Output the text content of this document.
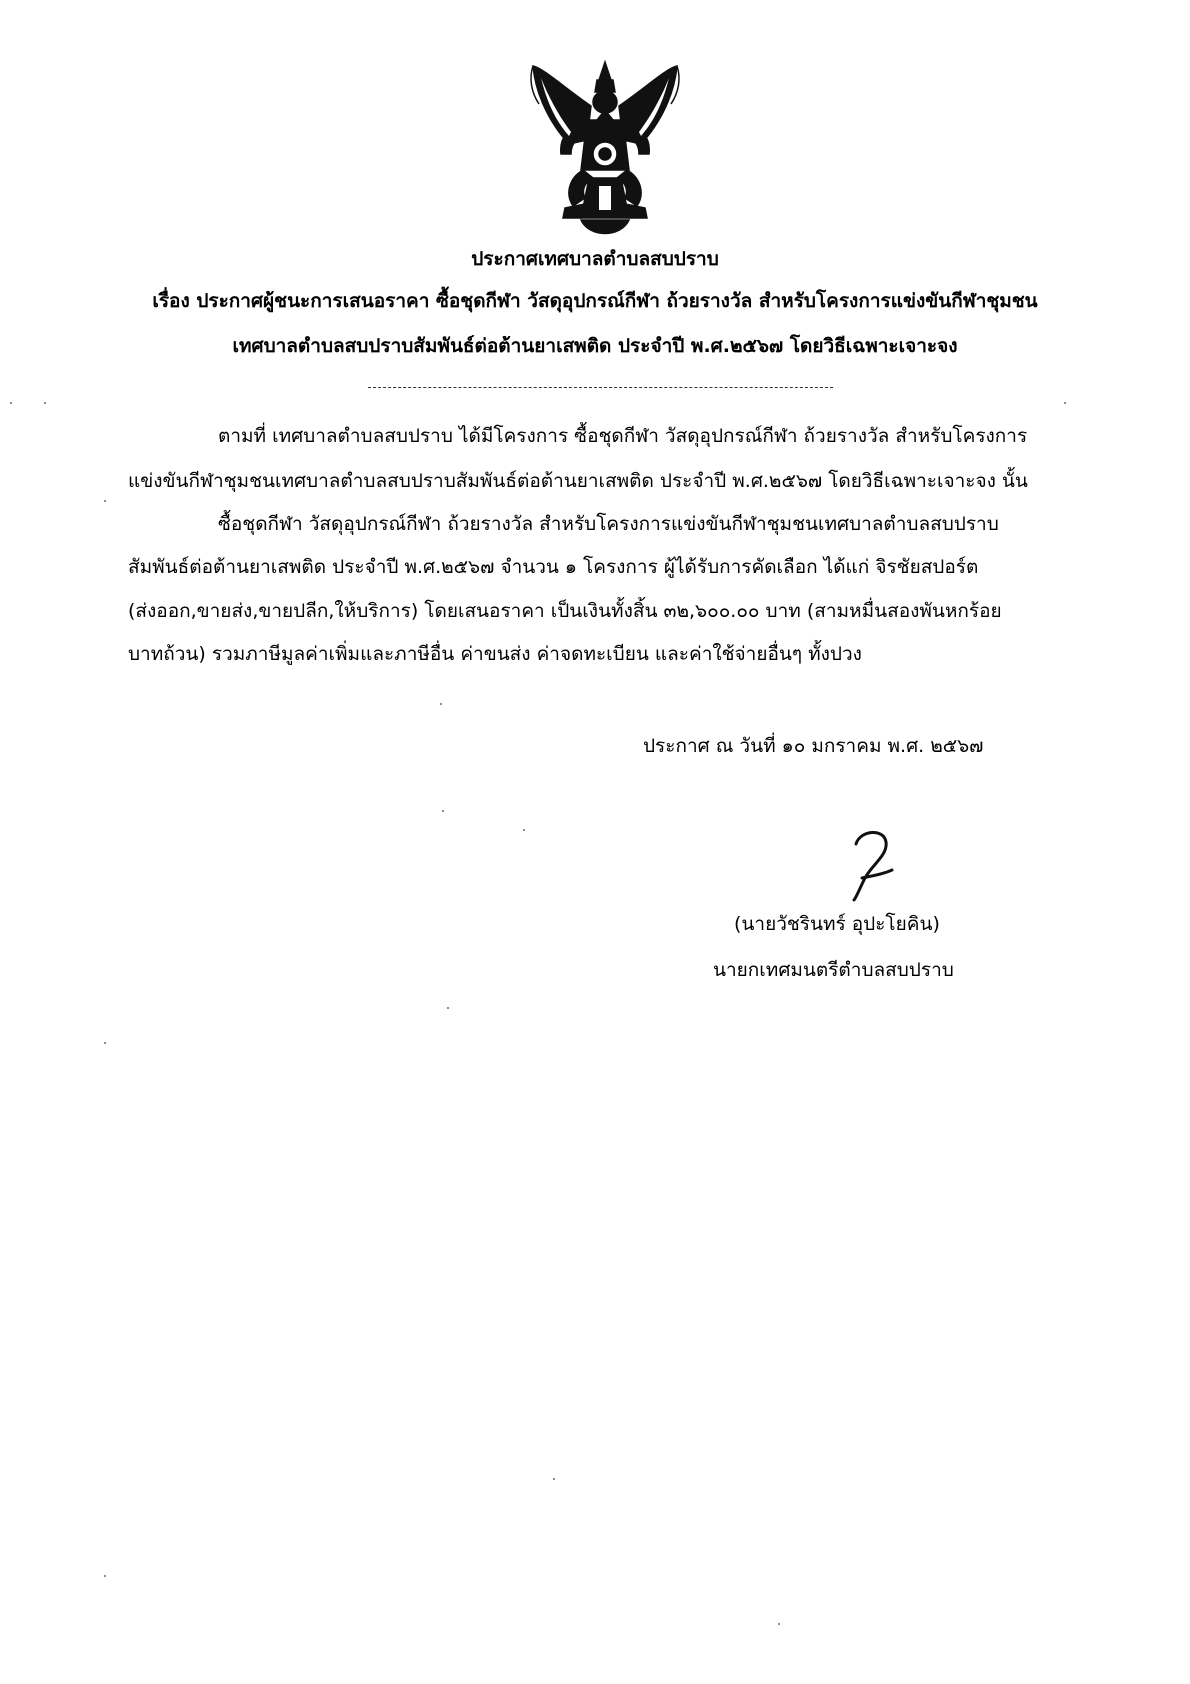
ประกาศเทศบาลตำบลสบปราบ
เรื่อง ประกาศผู้ชนะการเสนอราคา ซื้อชุดกีฬา วัสดุอุปกรณ์กีฬา ถ้วยรางวัล สำหรับโครงการแข่งขันกีฬาชุมชน
เทศบาลตำบลสบปราบสัมพันธ์ต่อต้านยาเสพติด ประจำปี พ.ศ.๒๕๖๗ โดยวิธีเฉพาะเจาะจง
ตามที่ เทศบาลตำบลสบปราบ ได้มีโครงการ ซื้อชุดกีฬา วัสดุอุปกรณ์กีฬา ถ้วยรางวัล สำหรับโครงการ
แข่งขันกีฬาชุมชนเทศบาลตำบลสบปราบสัมพันธ์ต่อต้านยาเสพติด ประจำปี พ.ศ.๒๕๖๗ โดยวิธีเฉพาะเจาะจง นั้น
ซื้อชุดกีฬา วัสดุอุปกรณ์กีฬา ถ้วยรางวัล สำหรับโครงการแข่งขันกีฬาชุมชนเทศบาลตำบลสบปราบ
สัมพันธ์ต่อต้านยาเสพติด ประจำปี พ.ศ.๒๕๖๗ จำนวน ๑ โครงการ ผู้ได้รับการคัดเลือก ได้แก่ จิรชัยสปอร์ต
(ส่งออก,ขายส่ง,ขายปลีก,ให้บริการ) โดยเสนอราคา เป็นเงินทั้งสิ้น ๓๒,๖๐๐.๐๐ บาท (สามหมื่นสองพันหกร้อย
บาทถ้วน) รวมภาษีมูลค่าเพิ่มและภาษีอื่น ค่าขนส่ง ค่าจดทะเบียน และค่าใช้จ่ายอื่นๆ ทั้งปวง
ประกาศ ณ วันที่ ๑๐ มกราคม พ.ศ. ๒๕๖๗
(นายวัชรินทร์ อุปะโยคิน)
นายกเทศมนตรีตำบลสบปราบ
